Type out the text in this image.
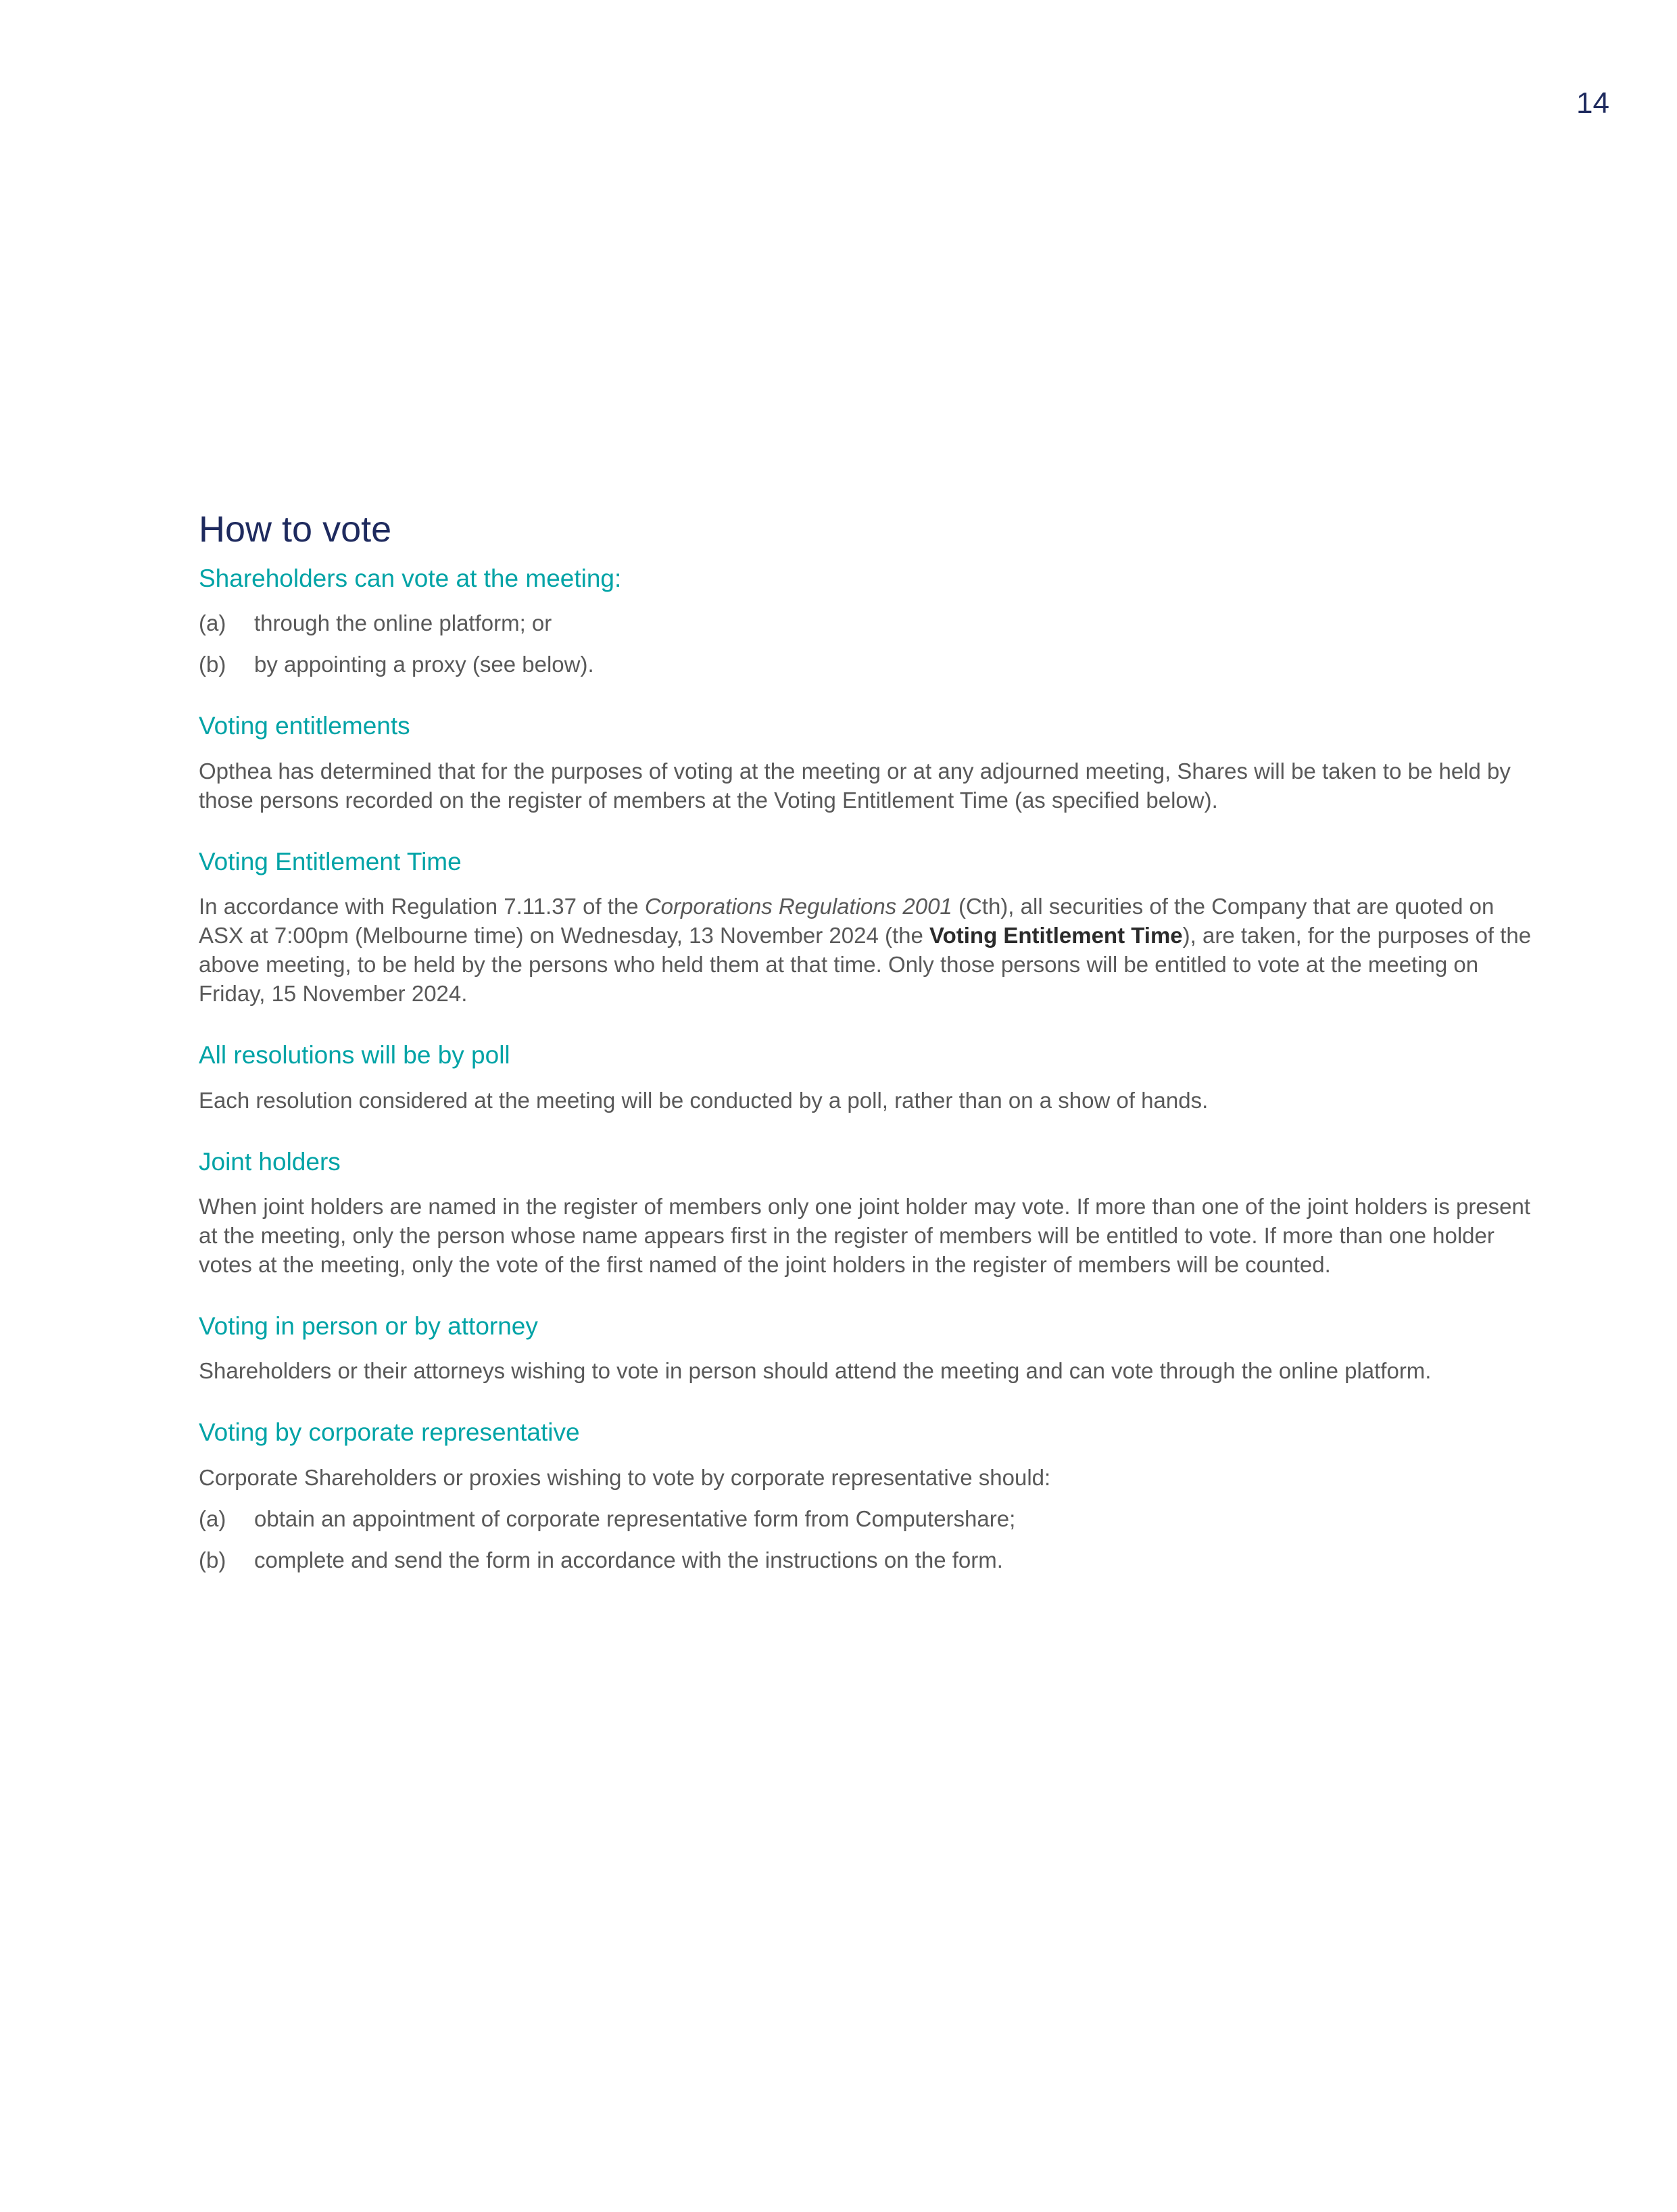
14
How to vote
Shareholders can vote at the meeting:
(a)	through the online platform; or
(b)	by appointing a proxy (see below).
Voting entitlements

Opthea has determined that for the purposes of voting at the meeting or at any adjourned meeting, Shares will be taken to be held by those persons recorded on the register of members at the Voting Entitlement Time (as specified below).

Voting Entitlement Time

In accordance with Regulation 7.11.37 of the Corporations Regulations 2001 (Cth), all securities of the Company that are quoted on ASX at 7:00pm (Melbourne time) on Wednesday, 13 November 2024 (the Voting Entitlement Time), are taken, for the purposes of the above meeting, to be held by the persons who held them at that time. Only those persons will be entitled to vote at the meeting on Friday, 15 November 2024.

All resolutions will be by poll

Each resolution considered at the meeting will be conducted by a poll, rather than on a show of hands.

Joint holders

When joint holders are named in the register of members only one joint holder may vote. If more than one of the joint holders is present at the meeting, only the person whose name appears first in the register of members will be entitled to vote. If more than one holder votes at the meeting, only the vote of the first named of the joint holders in the register of members will be counted.

Voting in person or by attorney

Shareholders or their attorneys wishing to vote in person should attend the meeting and can vote through the online platform.

Voting by corporate representative

Corporate Shareholders or proxies wishing to vote by corporate representative should:

(a)	obtain an appointment of corporate representative form from Computershare;
(b)	complete and send the form in accordance with the instructions on the form.
